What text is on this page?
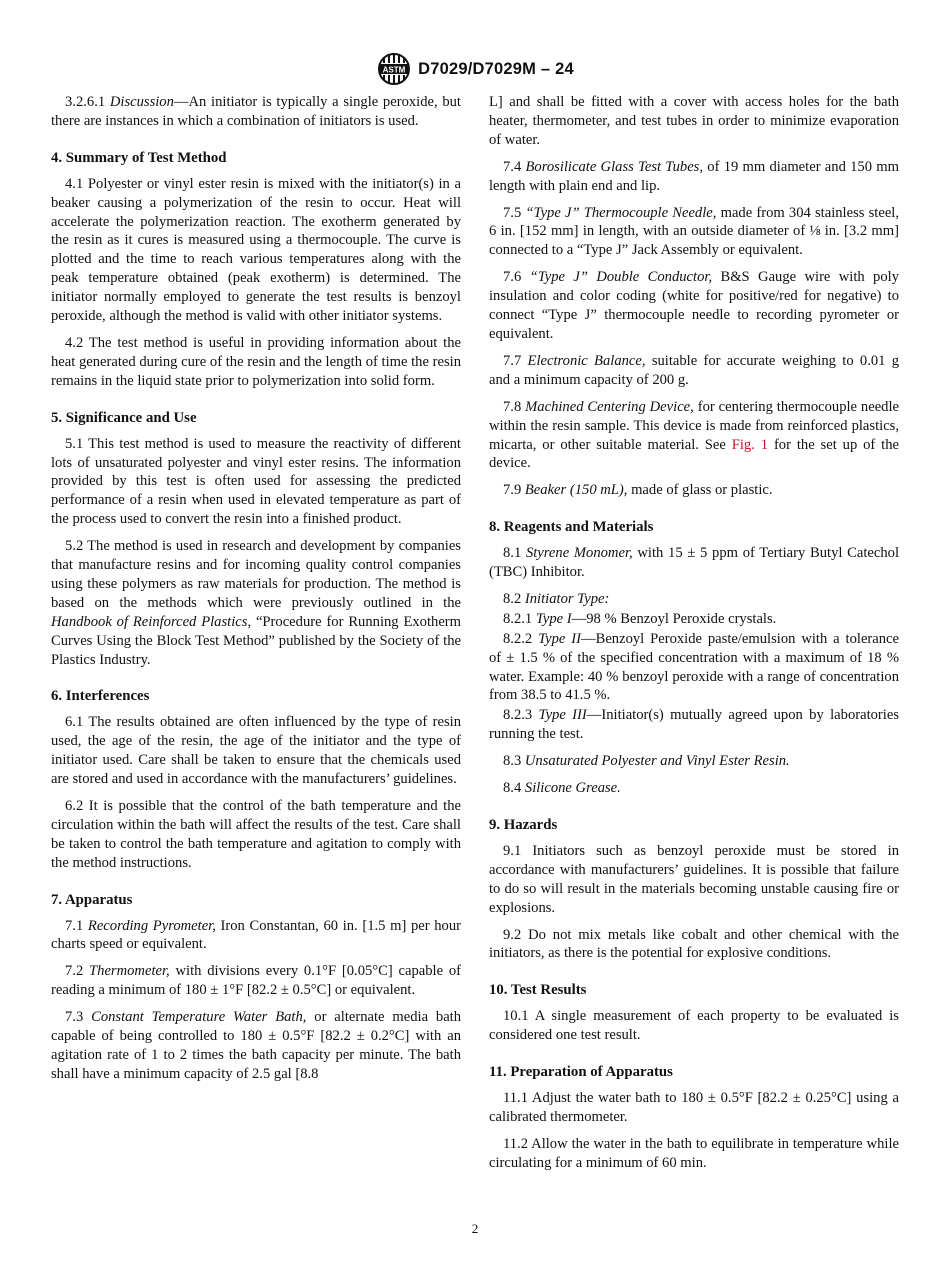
ASTM D7029/D7029M – 24

3.2.6.1 Discussion—An initiator is typically a single peroxide, but there are instances in which a combination of initiators is used.

4. Summary of Test Method

4.1 Polyester or vinyl ester resin is mixed with the initiator(s) in a beaker causing a polymerization of the resin to occur. Heat will accelerate the polymerization reaction. The exotherm generated by the resin as it cures is measured using a thermocouple. The curve is plotted and the time to reach various temperatures along with the peak temperature obtained (peak exotherm) is determined. The initiator normally employed to generate the test results is benzoyl peroxide, although the method is valid with other initiator systems.

4.2 The test method is useful in providing information about the heat generated during cure of the resin and the length of time the resin remains in the liquid state prior to polymerization into solid form.

5. Significance and Use

5.1 This test method is used to measure the reactivity of different lots of unsaturated polyester and vinyl ester resins. The information provided by this test is often used for assessing the predicted performance of a resin when used in elevated temperature as part of the process used to convert the resin into a finished product.

5.2 The method is used in research and development by companies that manufacture resins and for incoming quality control companies using these polymers as raw materials for production. The method is based on the methods which were previously outlined in the Handbook of Reinforced Plastics, “Procedure for Running Exotherm Curves Using the Block Test Method” published by the Society of the Plastics Industry.

6. Interferences

6.1 The results obtained are often influenced by the type of resin used, the age of the resin, the age of the initiator and the type of initiator used. Care shall be taken to ensure that the chemicals used are stored and used in accordance with the manufacturers’ guidelines.

6.2 It is possible that the control of the bath temperature and the circulation within the bath will affect the results of the test. Care shall be taken to control the bath temperature and agitation to comply with the method instructions.

7. Apparatus

7.1 Recording Pyrometer, Iron Constantan, 60 in. [1.5 m] per hour charts speed or equivalent.

7.2 Thermometer, with divisions every 0.1°F [0.05°C] capable of reading a minimum of 180 ± 1°F [82.2 ± 0.5°C] or equivalent.

7.3 Constant Temperature Water Bath, or alternate media bath capable of being controlled to 180 ± 0.5°F [82.2 ± 0.2°C] with an agitation rate of 1 to 2 times the bath capacity per minute. The bath shall have a minimum capacity of 2.5 gal [8.8

L] and shall be fitted with a cover with access holes for the bath heater, thermometer, and test tubes in order to minimize evaporation of water.

7.4 Borosilicate Glass Test Tubes, of 19 mm diameter and 150 mm length with plain end and lip.

7.5 “Type J” Thermocouple Needle, made from 304 stainless steel, 6 in. [152 mm] in length, with an outside diameter of ⅛ in. [3.2 mm] connected to a “Type J” Jack Assembly or equivalent.

7.6 “Type J” Double Conductor, B&S Gauge wire with poly insulation and color coding (white for positive/red for negative) to connect “Type J” thermocouple needle to recording pyrometer or equivalent.

7.7 Electronic Balance, suitable for accurate weighing to 0.01 g and a minimum capacity of 200 g.

7.8 Machined Centering Device, for centering thermocouple needle within the resin sample. This device is made from reinforced plastics, micarta, or other suitable material. See Fig. 1 for the set up of the device.

7.9 Beaker (150 mL), made of glass or plastic.

8. Reagents and Materials

8.1 Styrene Monomer, with 15 ± 5 ppm of Tertiary Butyl Catechol (TBC) Inhibitor.

8.2 Initiator Type:

8.2.1 Type I—98 % Benzoyl Peroxide crystals.

8.2.2 Type II—Benzoyl Peroxide paste/emulsion with a tolerance of ± 1.5 % of the specified concentration with a maximum of 18 % water. Example: 40 % benzoyl peroxide with a range of concentration from 38.5 to 41.5 %.

8.2.3 Type III—Initiator(s) mutually agreed upon by laboratories running the test.

8.3 Unsaturated Polyester and Vinyl Ester Resin.

8.4 Silicone Grease.

9. Hazards

9.1 Initiators such as benzoyl peroxide must be stored in accordance with manufacturers’ guidelines. It is possible that failure to do so will result in the materials becoming unstable causing fire or explosions.

9.2 Do not mix metals like cobalt and other chemical with the initiators, as there is the potential for explosive conditions.

10. Test Results

10.1 A single measurement of each property to be evaluated is considered one test result.

11. Preparation of Apparatus

11.1 Adjust the water bath to 180 ± 0.5°F [82.2 ± 0.25°C] using a calibrated thermometer.

11.2 Allow the water in the bath to equilibrate in temperature while circulating for a minimum of 60 min.

2
